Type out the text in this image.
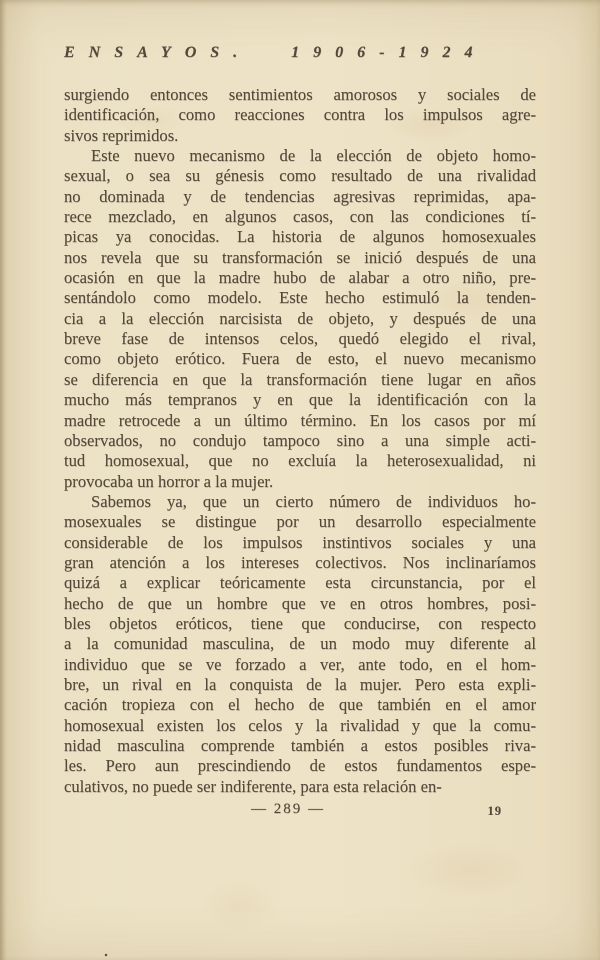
ENSAYOS. 1906-1924
surgiendo entonces sentimientos amorosos y sociales de
identificación, como reacciones contra los impulsos agre-
sivos reprimidos.
Este nuevo mecanismo de la elección de objeto homo-
sexual, o sea su génesis como resultado de una rivalidad
no dominada y de tendencias agresivas reprimidas, apa-
rece mezclado, en algunos casos, con las condiciones tí-
picas ya conocidas. La historia de algunos homosexuales
nos revela que su transformación se inició después de una
ocasión en que la madre hubo de alabar a otro niño, pre-
sentándolo como modelo. Este hecho estimuló la tenden-
cia a la elección narcisista de objeto, y después de una
breve fase de intensos celos, quedó elegido el rival,
como objeto erótico. Fuera de esto, el nuevo mecanismo
se diferencia en que la transformación tiene lugar en años
mucho más tempranos y en que la identificación con la
madre retrocede a un último término. En los casos por mí
observados, no condujo tampoco sino a una simple acti-
tud homosexual, que no excluía la heterosexualidad, ni
provocaba un horror a la mujer.
Sabemos ya, que un cierto número de individuos ho-
mosexuales se distingue por un desarrollo especialmente
considerable de los impulsos instintivos sociales y una
gran atención a los intereses colectivos. Nos inclinaríamos
quizá a explicar teóricamente esta circunstancia, por el
hecho de que un hombre que ve en otros hombres, posi-
bles objetos eróticos, tiene que conducirse, con respecto
a la comunidad masculina, de un modo muy diferente al
individuo que se ve forzado a ver, ante todo, en el hom-
bre, un rival en la conquista de la mujer. Pero esta expli-
cación tropieza con el hecho de que también en el amor
homosexual existen los celos y la rivalidad y que la comu-
nidad masculina comprende también a estos posibles riva-
les. Pero aun prescindiendo de estos fundamentos espe-
culativos, no puede ser indiferente, para esta relación en-
— 289 —	19
